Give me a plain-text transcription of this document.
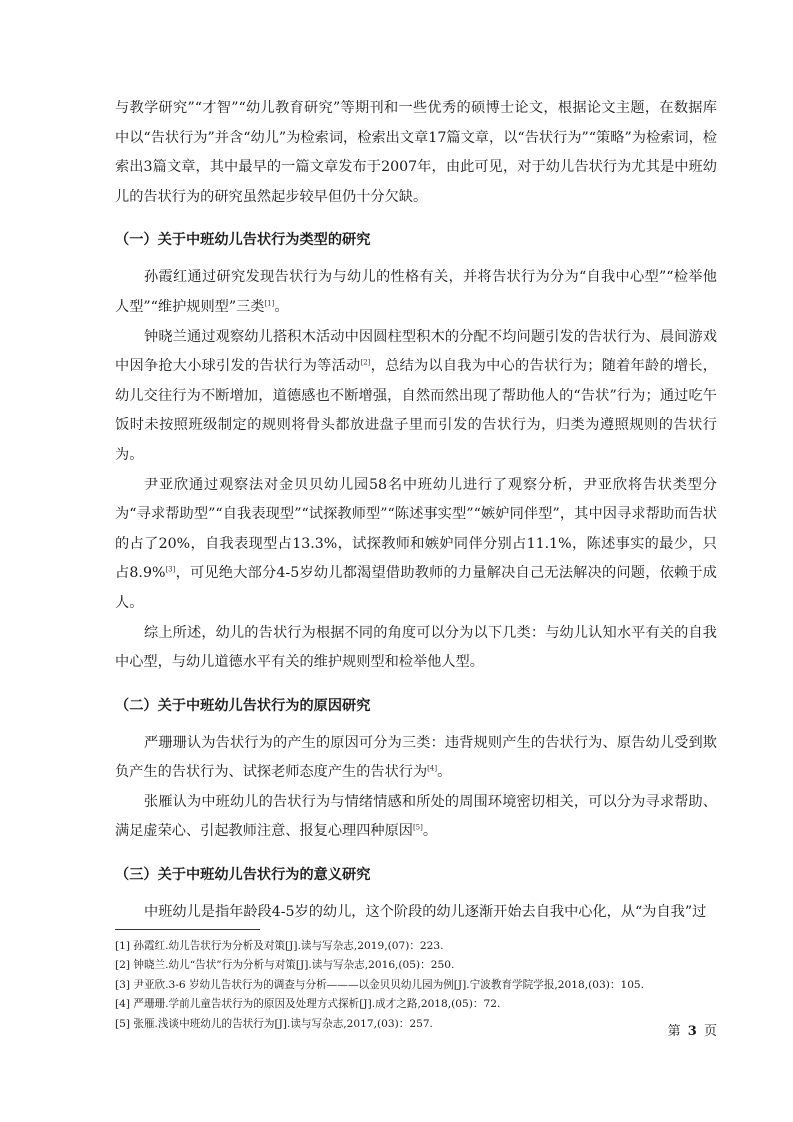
与教学研究”“才智”“幼儿教育研究”等期刊和一些优秀的硕博士论文，根据论文主题，在数据库中以“告状行为”并含“幼儿”为检索词，检索出文章17篇文章，以“告状行为”“策略”为检索词，检索出3篇文章，其中最早的一篇文章发布于2007年，由此可见，对于幼儿告状行为尤其是中班幼儿的告状行为的研究虽然起步较早但仍十分欠缺。

（一）关于中班幼儿告状行为类型的研究

孙霞红通过研究发现告状行为与幼儿的性格有关，并将告状行为分为“自我中心型”“检举他人型”“维护规则型”三类[1]。

钟晓兰通过观察幼儿搭积木活动中因圆柱型积木的分配不均问题引发的告状行为、晨间游戏中因争抢大小球引发的告状行为等活动[2]，总结为以自我为中心的告状行为；随着年龄的增长，幼儿交往行为不断增加，道德感也不断增强，自然而然出现了帮助他人的“告状”行为；通过吃午饭时未按照班级制定的规则将骨头都放进盘子里而引发的告状行为，归类为遵照规则的告状行为。

尹亚欣通过观察法对金贝贝幼儿园58名中班幼儿进行了观察分析，尹亚欣将告状类型分为“寻求帮助型”“自我表现型”“试探教师型”“陈述事实型”“嫉妒同伴型”，其中因寻求帮助而告状的占了20%，自我表现型占13.3%，试探教师和嫉妒同伴分别占11.1%，陈述事实的最少，只占8.9%[3]，可见绝大部分4-5岁幼儿都渴望借助教师的力量解决自己无法解决的问题，依赖于成人。

综上所述，幼儿的告状行为根据不同的角度可以分为以下几类：与幼儿认知水平有关的自我中心型，与幼儿道德水平有关的维护规则型和检举他人型。

（二）关于中班幼儿告状行为的原因研究

严珊珊认为告状行为的产生的原因可分为三类：违背规则产生的告状行为、原告幼儿受到欺负产生的告状行为、试探老师态度产生的告状行为[4]。

张雁认为中班幼儿的告状行为与情绪情感和所处的周围环境密切相关，可以分为寻求帮助、满足虚荣心、引起教师注意、报复心理四种原因[5]。

（三）关于中班幼儿告状行为的意义研究

中班幼儿是指年龄段4-5岁的幼儿，这个阶段的幼儿逐渐开始去自我中心化，从“为自我”过

[1] 孙霞红.幼儿告状行为分析及对策[J].读与写杂志,2019,(07)：223.
[2] 钟晓兰.幼儿“告状”行为分析与对策[J].读与写杂志,2016,(05)：250.
[3] 尹亚欣.3-6 岁幼儿告状行为的调查与分析———以金贝贝幼儿园为例[J].宁波教育学院学报,2018,(03)：105.
[4] 严珊珊.学前儿童告状行为的原因及处理方式探析[J].成才之路,2018,(05)：72.
[5] 张雁.浅谈中班幼儿的告状行为[J].读与写杂志,2017,(03)：257.
第 3 页
